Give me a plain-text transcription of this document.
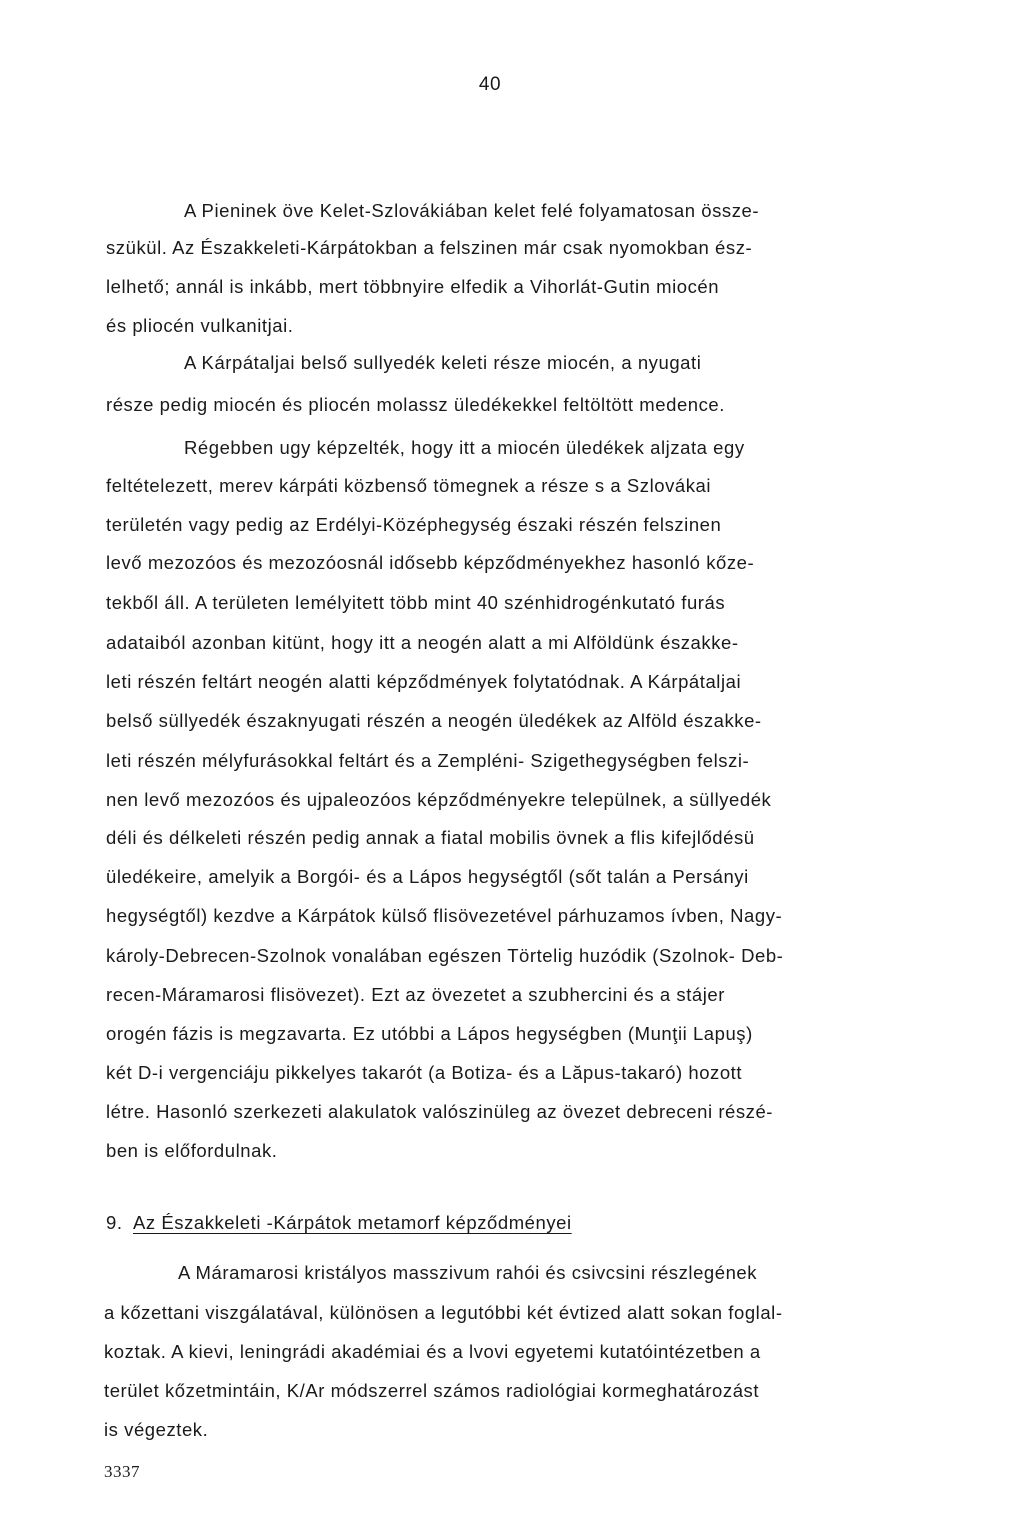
40
A Pieninek öve Kelet-Szlovákiában kelet felé folyamatosan össze-
szükül. Az Északkeleti-Kárpátokban a felszinen már csak nyomokban ész-
lelhető; annál is inkább, mert többnyire elfedik a Vihorlát-Gutin miocén
és pliocén vulkanitjai.
A Kárpátaljai belső sullyedék keleti része miocén, a nyugati
része pedig miocén és pliocén molassz üledékekkel feltöltött medence.
Régebben ugy képzelték, hogy itt a miocén üledékek aljzata egy
feltételezett, merev kárpáti közbenső tömegnek a része s a Szlovákai
területén vagy pedig az Erdélyi-Középhegység északi részén felszinen
levő mezozóos és mezozóosnál idősebb képződményekhez hasonló kőze-
tekből áll. A területen lemélyitett több mint 40 szénhidrogénkutató furás
adataiból azonban kitünt, hogy itt a neogén alatt a mi Alföldünk északke-
leti részén feltárt neogén alatti képződmények folytatódnak. A Kárpátaljai
belső süllyedék északnyugati részén a neogén üledékek az Alföld északke-
leti részén mélyfurásokkal feltárt és a Zempléni- Szigethegységben felszi-
nen levő mezozóos és ujpaleozóos képződményekre települnek, a süllyedék
déli és délkeleti részén pedig annak a fiatal mobilis övnek a flis kifejlődésü
üledékeire, amelyik a Borgói- és a Lápos hegységtől (sőt talán a Persányi
hegységtől) kezdve a Kárpátok külső flisövezetével párhuzamos ívben, Nagy-
károly-Debrecen-Szolnok vonalában egészen Törtelig huzódik (Szolnok- Deb-
recen-Máramarosi flisövezet). Ezt az övezetet a szubhercini és a stájer
orogén fázis is megzavarta. Ez utóbbi a Lápos hegységben (Munţii Lapuş)
két D-i vergenciáju pikkelyes takarót (a Botiza- és a Lăpus-takaró) hozott
létre. Hasonló szerkezeti alakulatok valószinüleg az övezet debreceni részé-
ben is előfordulnak.
9. Az Északkeleti -Kárpátok metamorf képződményei
A Máramarosi kristályos masszivum rahói és csivcsini részlegének
a kőzettani viszgálatával, különösen a legutóbbi két évtized alatt sokan foglal-
koztak. A kievi, leningrádi akadémiai és a lvovi egyetemi kutatóintézetben a
terület kőzetmintáin, K/Ar módszerrel számos radiológiai kormeghatározást
is végeztek.
3337
